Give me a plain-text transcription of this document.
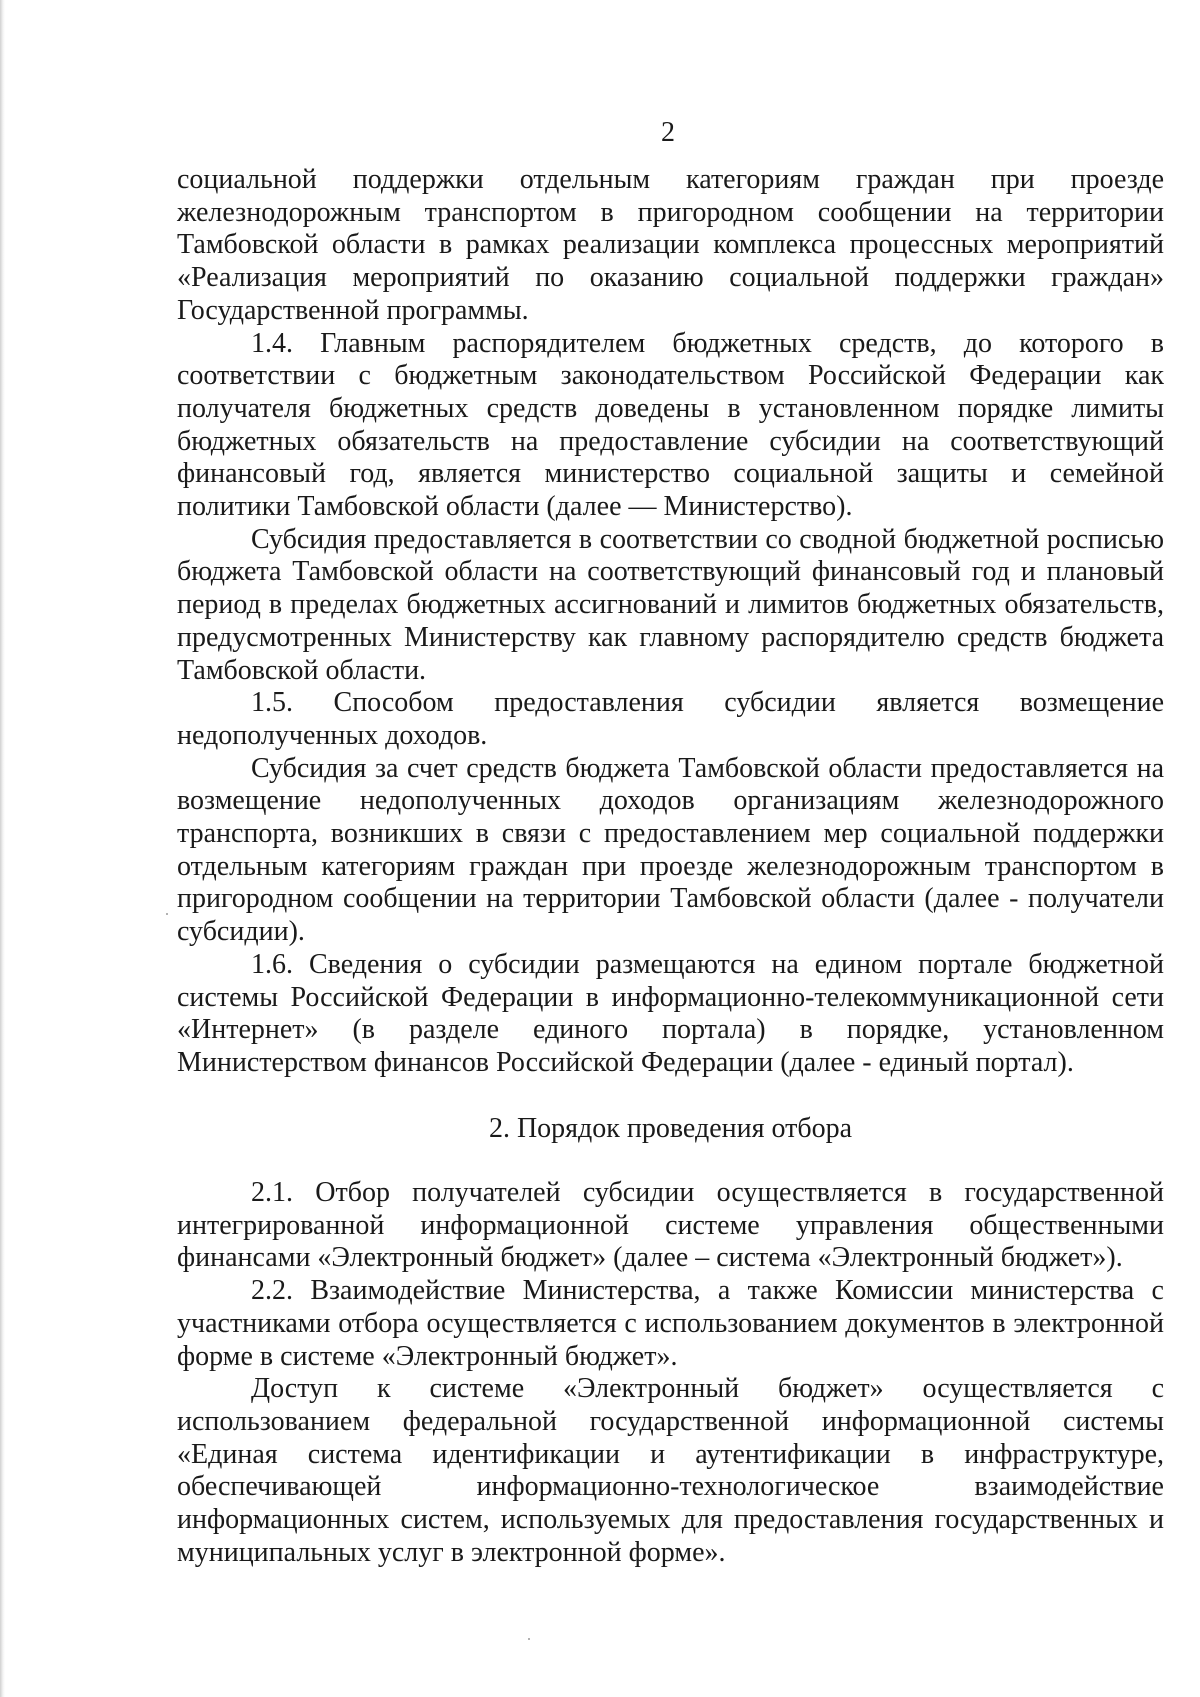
2

социальной поддержки отдельным категориям граждан при проезде железнодорожным транспортом в пригородном сообщении на территории Тамбовской области в рамках реализации комплекса процессных мероприятий «Реализация мероприятий по оказанию социальной поддержки граждан» Государственной программы.

1.4. Главным распорядителем бюджетных средств, до которого в соответствии с бюджетным законодательством Российской Федерации как получателя бюджетных средств доведены в установленном порядке лимиты бюджетных обязательств на предоставление субсидии на соответствующий финансовый год, является министерство социальной защиты и семейной политики Тамбовской области (далее — Министерство).

Субсидия предоставляется в соответствии со сводной бюджетной росписью бюджета Тамбовской области на соответствующий финансовый год и плановый период в пределах бюджетных ассигнований и лимитов бюджетных обязательств, предусмотренных Министерству как главному распорядителю средств бюджета Тамбовской области.

1.5. Способом предоставления субсидии является возмещение недополученных доходов.

Субсидия за счет средств бюджета Тамбовской области предоставляется на возмещение недополученных доходов организациям железнодорожного транспорта, возникших в связи с предоставлением мер социальной поддержки отдельным категориям граждан при проезде железнодорожным транспортом в пригородном сообщении на территории Тамбовской области (далее - получатели субсидии).

1.6. Сведения о субсидии размещаются на едином портале бюджетной системы Российской Федерации в информационно-телекоммуникационной сети «Интернет» (в разделе единого портала) в порядке, установленном Министерством финансов Российской Федерации (далее - единый портал).

2. Порядок проведения отбора

2.1. Отбор получателей субсидии осуществляется в государственной интегрированной информационной системе управления общественными финансами «Электронный бюджет» (далее – система «Электронный бюджет»).

2.2. Взаимодействие Министерства, а также Комиссии министерства с участниками отбора осуществляется с использованием документов в электронной форме в системе «Электронный бюджет».

Доступ к системе «Электронный бюджет» осуществляется с использованием федеральной государственной информационной системы «Единая система идентификации и аутентификации в инфраструктуре, обеспечивающей информационно-технологическое взаимодействие информационных систем, используемых для предоставления государственных и муниципальных услуг в электронной форме».
